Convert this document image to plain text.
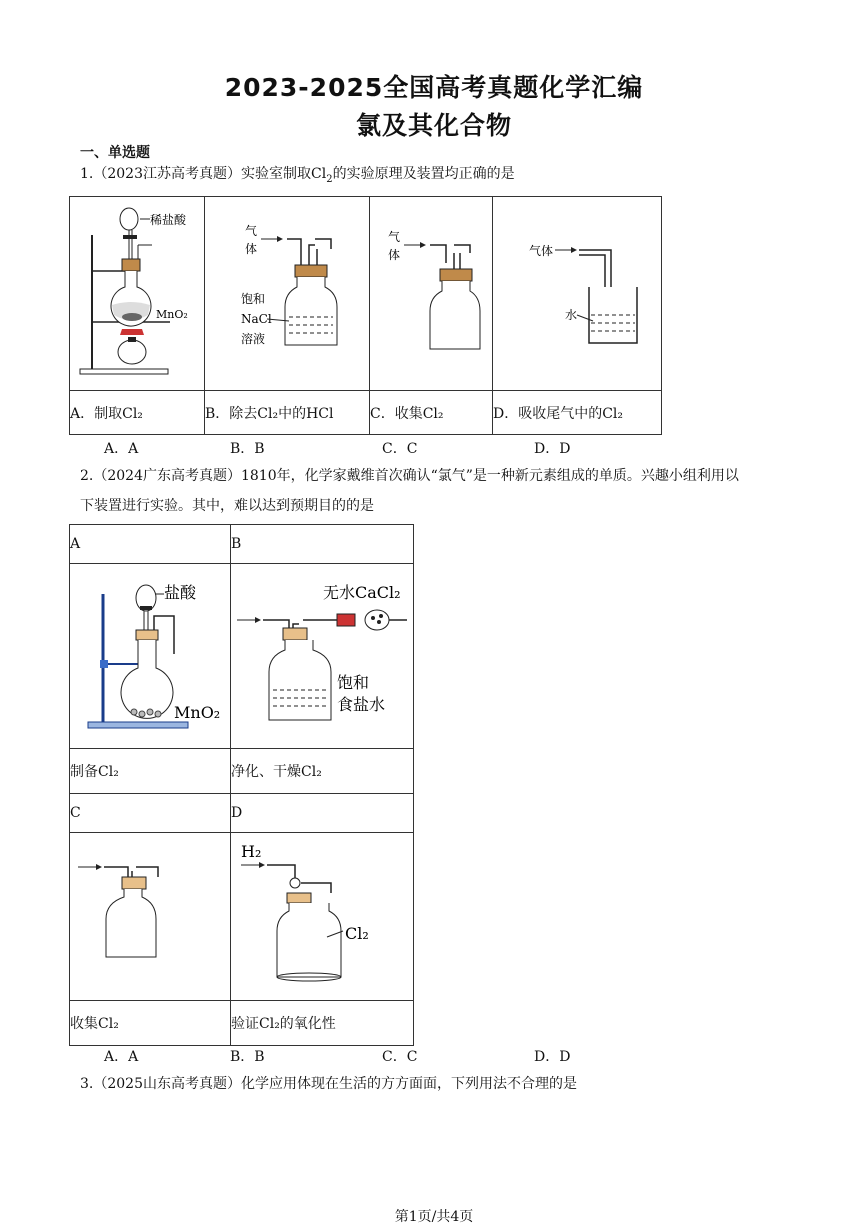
2023-2025全国高考真题化学汇编
氯及其化合物
一、单选题
1.（2023江苏高考真题）实验室制取$Cl_2$的实验原理及装置均正确的是
稀盐酸
MnO₂	气
体
饱和
NaCl
溶液	气
体	气体
水

A．制取Cl₂	B．除去Cl₂中的HCl	C．收集Cl₂	D．吸收尾气中的Cl₂
A．A	B．B	C．C	D．D
2.（2024广东高考真题）1810年，化学家戴维首次确认“氯气”是一种新元素组成的单质。兴趣小组利用以
下装置进行实验。其中，难以达到预期目的的是
A	B

盐酸
MnO₂	无水CaCl₂
饱和
食盐水

制备Cl₂	净化、干燥Cl₂
C	D

H₂
Cl₂

收集Cl₂	验证Cl₂的氧化性
A．A	B．B	C．C	D．D
3.（2025山东高考真题）化学应用体现在生活的方方面面，下列用法不合理的是
第1页/共4页
